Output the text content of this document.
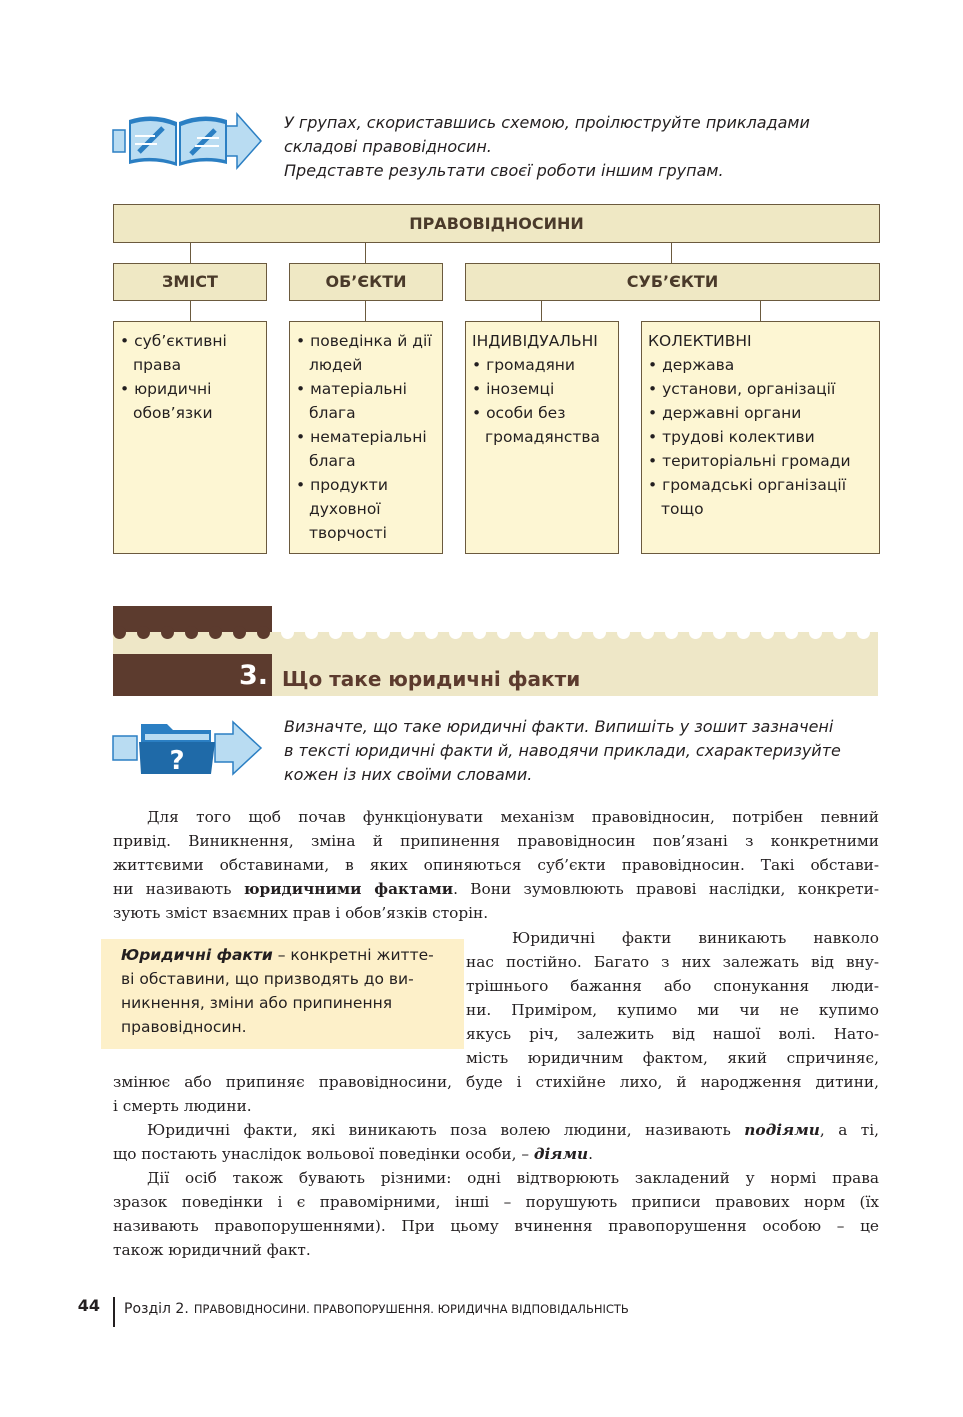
У групах, скориставшись схемою, проілюструйте прикладами
складові правовідносин.
Представте результати своєї роботи іншим групам.
ПРАВОВІДНОСИНИ
ЗМІСТ	ОБ’ЄКТИ	СУБ’ЄКТИ
• суб’єктивні права
• юридичні обов’язки
• поведінка й дії людей
• матеріальні блага
• нематеріальні блага
• продукти духовної творчості
ІНДИВІДУАЛЬНІ
• громадяни
• іноземці
• особи без громадянства
КОЛЕКТИВНІ
• держава
• установи, організації
• державні органи
• трудові колективи
• територіальні громади
• громадські організації тощо
3. Що таке юридичні факти
?
Визначте, що таке юридичні факти. Випишіть у зошит зазначені
в тексті юридичні факти й, наводячи приклади, схарактеризуйте
кожен із них своїми словами.
Для того щоб почав функціонувати механізм правовідносин, потрібен певний
привід. Виникнення, зміна й припинення правовідносин пов’язані з конкретними
життєвими обставинами, в яких опиняються суб’єкти правовідносин. Такі обстави-
ни називають юридичними фактами. Вони зумовлюють правові наслідки, конкрети-
зують зміст взаємних прав і обов’язків сторін.
Юридичні факти – конкретні житте-
ві обставини, що призводять до ви-
никнення, зміни або припинення
правовідносин.
Юридичні факти виникають навколо
нас постійно. Багато з них залежать від вну-
трішнього бажання або спонукання люди-
ни. Приміром, купимо ми чи не купимо
якусь річ, залежить від нашої волі. Нато-
мість юридичним фактом, який спричиняє,
змінює або припиняє правовідносини, буде і стихійне лихо, й народження дитини,
і смерть людини.
Юридичні факти, які виникають поза волею людини, називають подіями, а ті,
що постають унаслідок вольової поведінки особи, – діями.
Дії осіб також бувають різними: одні відтворюють закладений у нормі права
зразок поведінки і є правомірними, інші – порушують приписи правових норм (їх
називають правопорушеннями). При цьому вчинення правопорушення особою – це
також юридичний факт.
44 Розділ 2. ПРАВОВІДНОСИНИ. ПРАВОПОРУШЕННЯ. ЮРИДИЧНА ВІДПОВІДАЛЬНІСТЬ
